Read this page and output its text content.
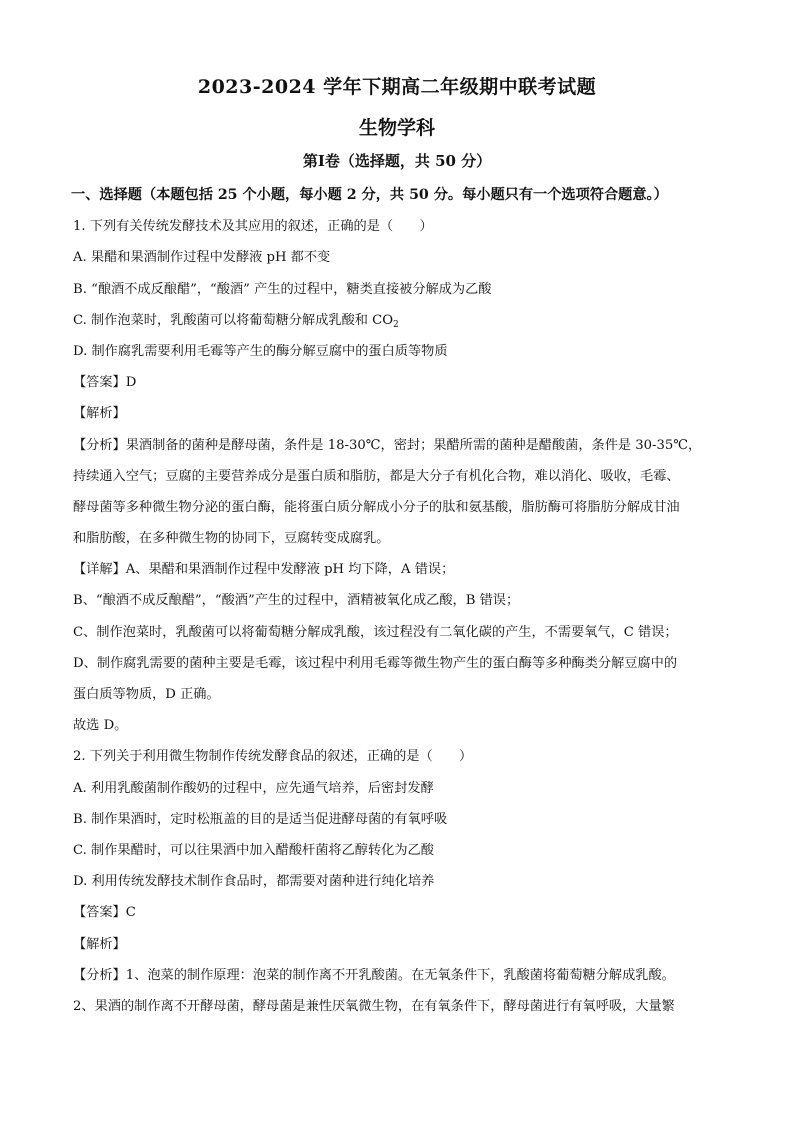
2023-2024 学年下期高二年级期中联考试题
生物学科
第Ⅰ卷（选择题，共 50 分）
一、选择题（本题包括 25 个小题，每小题 2 分，共 50 分。每小题只有一个选项符合题意。）
1. 下列有关传统发酵技术及其应用的叙述，正确的是（　　）
A. 果醋和果酒制作过程中发酵液 pH 都不变
B. “酿酒不成反酿醋”，“酸酒” 产生的过程中，糖类直接被分解成为乙酸
C. 制作泡菜时，乳酸菌可以将葡萄糖分解成乳酸和 $CO_2$
D. 制作腐乳需要利用毛霉等产生的酶分解豆腐中的蛋白质等物质
【答案】D
【解析】
【分析】果酒制备的菌种是酵母菌，条件是 18-30℃，密封；果醋所需的菌种是醋酸菌，条件是 30-35℃，
持续通入空气；豆腐的主要营养成分是蛋白质和脂肪，都是大分子有机化合物，难以消化、吸收，毛霉、
酵母菌等多种微生物分泌的蛋白酶，能将蛋白质分解成小分子的肽和氨基酸，脂肪酶可将脂肪分解成甘油
和脂肪酸，在多种微生物的协同下，豆腐转变成腐乳。
【详解】A、果醋和果酒制作过程中发酵液 pH 均下降，A 错误；
B、“酿酒不成反酿醋”，“酸酒”产生的过程中，酒精被氧化成乙酸，B 错误；
C、制作泡菜时，乳酸菌可以将葡萄糖分解成乳酸，该过程没有二氧化碳的产生，不需要氧气，C 错误；
D、制作腐乳需要的菌种主要是毛霉，该过程中利用毛霉等微生物产生的蛋白酶等多种酶类分解豆腐中的
蛋白质等物质，D 正确。
故选 D。
2. 下列关于利用微生物制作传统发酵食品的叙述，正确的是（　　）
A. 利用乳酸菌制作酸奶的过程中，应先通气培养，后密封发酵
B. 制作果酒时，定时松瓶盖的目的是适当促进酵母菌的有氧呼吸
C. 制作果醋时，可以往果酒中加入醋酸杆菌将乙醇转化为乙酸
D. 利用传统发酵技术制作食品时，都需要对菌种进行纯化培养
【答案】C
【解析】
【分析】1、泡菜的制作原理：泡菜的制作离不开乳酸菌。在无氧条件下，乳酸菌将葡萄糖分解成乳酸。
2、果酒的制作离不开酵母菌，酵母菌是兼性厌氧微生物，在有氧条件下，酵母菌进行有氧呼吸，大量繁
